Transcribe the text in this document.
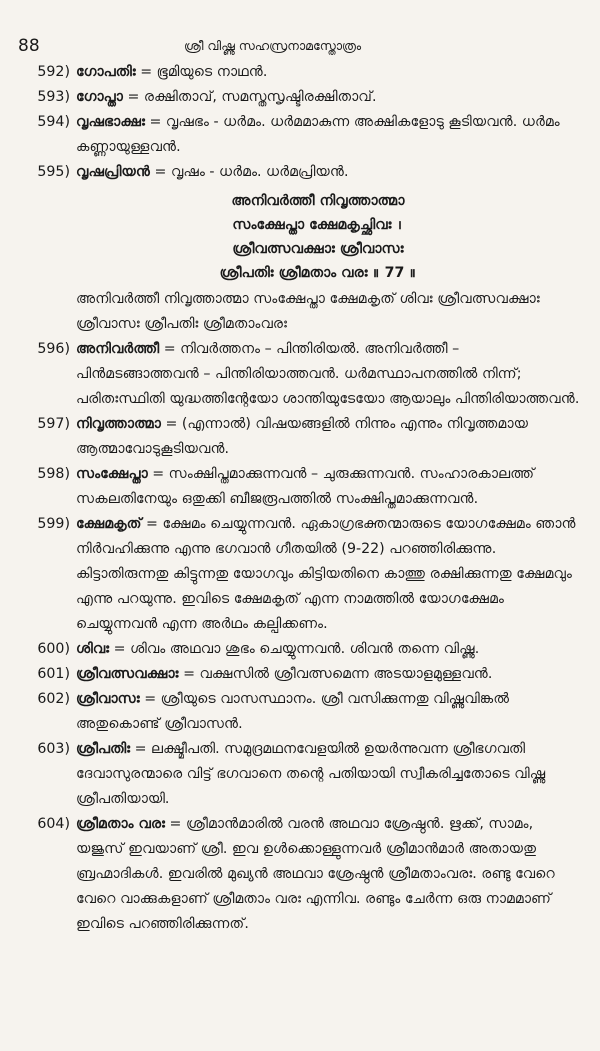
88	ശ്രീ വിഷ്ണു സഹസ്രനാമസ്തോത്രം
592) ഗോപതിഃ = ഭൂമിയുടെ നാഥൻ.
593) ഗോപ്താ = രക്ഷിതാവ്, സമസ്തസൃഷ്ടിരക്ഷിതാവ്.
594) വൃഷഭാക്ഷഃ = വൃഷഭം - ധർമം. ധർമമാകുന്ന അക്ഷികളോടു കൂടിയവൻ. ധർമം കണ്ണായുള്ളവൻ.
595) വൃഷപ്രിയൻ = വൃഷം - ധർമം. ധർമപ്രിയൻ.
അനിവർത്തീ നിവൃത്താത്മാ
സംക്ഷേപ്താ ക്ഷേമകൃച്ഛിവഃ ।
ശ്രീവത്സവക്ഷാഃ ശ്രീവാസഃ
ശ്രീപതിഃ ശ്രീമതാം വരഃ ॥ 77 ॥
അനിവർത്തീ നിവൃത്താത്മാ സംക്ഷേപ്താ ക്ഷേമകൃത് ശിവഃ ശ്രീവത്സവക്ഷാഃ ശ്രീവാസഃ ശ്രീപതിഃ ശ്രീമതാംവരഃ
596) അനിവർത്തീ = നിവർത്തനം – പിന്തിരിയൽ. അനിവർത്തീ – പിൻമടങ്ങാത്തവൻ – പിന്തിരിയാത്തവൻ. ധർമസ്ഥാപനത്തിൽ നിന്ന്; പരിതഃസ്ഥിതി യുദ്ധത്തിന്റേയോ ശാന്തിയുടേയോ ആയാലും പിന്തിരിയാത്തവൻ.
597) നിവൃത്താത്മാ = (എന്നാൽ) വിഷയങ്ങളിൽ നിന്നും എന്നും നിവൃത്തമായ ആത്മാവോടുകൂടിയവൻ.
598) സംക്ഷേപ്താ = സംക്ഷിപ്തമാക്കുന്നവൻ – ചുരുക്കുന്നവൻ. സംഹാരകാലത്ത് സകലതിനേയും ഒതുക്കി ബീജരൂപത്തിൽ സംക്ഷിപ്തമാക്കുന്നവൻ.
599) ക്ഷേമകൃത് = ക്ഷേമം ചെയ്യുന്നവൻ. ഏകാഗ്രഭക്തന്മാരുടെ യോഗക്ഷേമം ഞാൻ നിർവഹിക്കുന്നു എന്നു ഭഗവാൻ ഗീതയിൽ (9-22) പറഞ്ഞിരിക്കുന്നു. കിട്ടാതിരുന്നതു കിട്ടുന്നതു യോഗവും കിട്ടിയതിനെ കാത്തു രക്ഷിക്കുന്നതു ക്ഷേമവും എന്നു പറയുന്നു. ഇവിടെ ക്ഷേമകൃത് എന്ന നാമത്തിൽ യോഗക്ഷേമം ചെയ്യുന്നവൻ എന്ന അർഥം കല്പിക്കണം.
600) ശിവഃ = ശിവം അഥവാ ശുഭം ചെയ്യുന്നവൻ. ശിവൻ തന്നെ വിഷ്ണു.
601) ശ്രീവത്സവക്ഷാഃ = വക്ഷസിൽ ശ്രീവത്സമെന്ന അടയാളമുള്ളവൻ.
602) ശ്രീവാസഃ = ശ്രീയുടെ വാസസ്ഥാനം. ശ്രീ വസിക്കുന്നതു വിഷ്ണുവിങ്കൽ അതുകൊണ്ട് ശ്രീവാസൻ.
603) ശ്രീപതിഃ = ലക്ഷ്മീപതി. സമുദ്രമഥനവേളയിൽ ഉയർന്നുവന്ന ശ്രീഭഗവതി ദേവാസുരന്മാരെ വിട്ട് ഭഗവാനെ തന്റെ പതിയായി സ്വീകരിച്ചതോടെ വിഷ്ണു ശ്രീപതിയായി.
604) ശ്രീമതാം വരഃ = ശ്രീമാൻമാരിൽ വരൻ അഥവാ ശ്രേഷ്ഠൻ. ഋക്ക്, സാമം, യജുസ് ഇവയാണ് ശ്രീ. ഇവ ഉൾക്കൊള്ളുന്നവർ ശ്രീമാൻമാർ അതായതു ബ്രഹ്മാദികൾ. ഇവരിൽ മുഖ്യൻ അഥവാ ശ്രേഷ്ഠൻ ശ്രീമതാംവരഃ. രണ്ടു വേറെ വേറെ വാക്കുകളാണ് ശ്രീമതാം വരഃ എന്നിവ. രണ്ടും ചേർന്ന ഒരു നാമമാണ് ഇവിടെ പറഞ്ഞിരിക്കുന്നത്.
